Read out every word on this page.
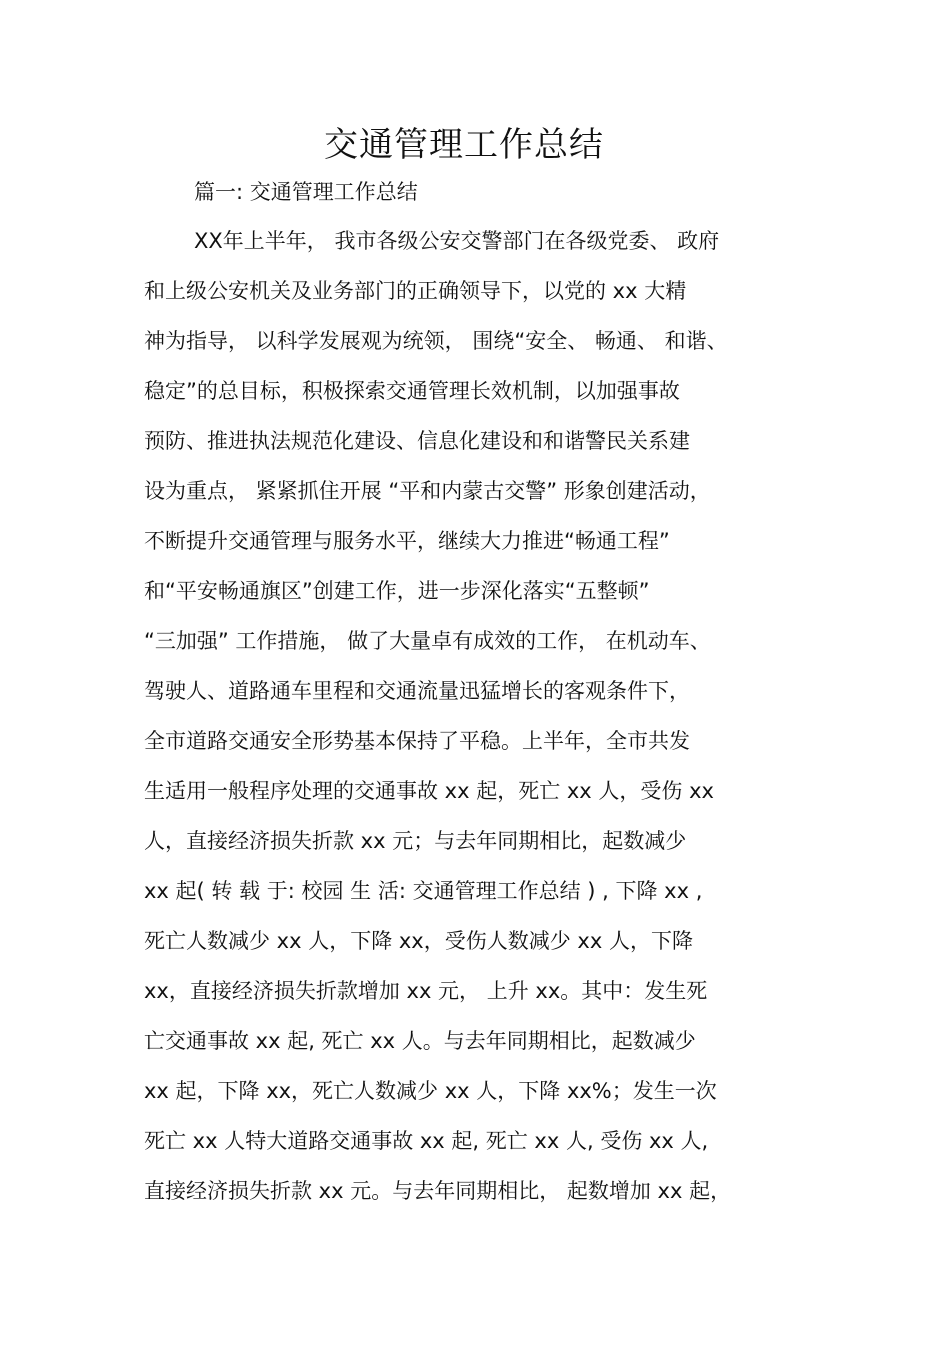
交通管理工作总结
篇一: 交通管理工作总结
XX年上半年， 我市各级公安交警部门在各级党委、 政府
和上级公安机关及业务部门的正确领导下，以党的 xx 大精
神为指导， 以科学发展观为统领， 围绕“安全、 畅通、 和谐、
稳定”的总目标，积极探索交通管理长效机制，以加强事故
预防、推进执法规范化建设、信息化建设和和谐警民关系建
设为重点， 紧紧抓住开展 “平和内蒙古交警” 形象创建活动，
不断提升交通管理与服务水平，继续大力推进“畅通工程”
和“平安畅通旗区”创建工作，进一步深化落实“五整顿”
“三加强” 工作措施， 做了大量卓有成效的工作， 在机动车、
驾驶人、道路通车里程和交通流量迅猛增长的客观条件下，
全市道路交通安全形势基本保持了平稳。上半年，全市共发
生适用一般程序处理的交通事故 xx 起，死亡 xx 人，受伤 xx
人，直接经济损失折款 xx 元；与去年同期相比，起数减少
xx 起( 转 载 于: 校园 生 活: 交通管理工作总结 ) , 下降 xx ,
死亡人数减少 xx 人，下降 xx，受伤人数减少 xx 人，下降
xx，直接经济损失折款增加 xx 元， 上升 xx。其中：发生死
亡交通事故 xx 起, 死亡 xx 人。与去年同期相比，起数减少
xx 起，下降 xx，死亡人数减少 xx 人，下降 xx%；发生一次
死亡 xx 人特大道路交通事故 xx 起, 死亡 xx 人, 受伤 xx 人,
直接经济损失折款 xx 元。与去年同期相比， 起数增加 xx 起，
